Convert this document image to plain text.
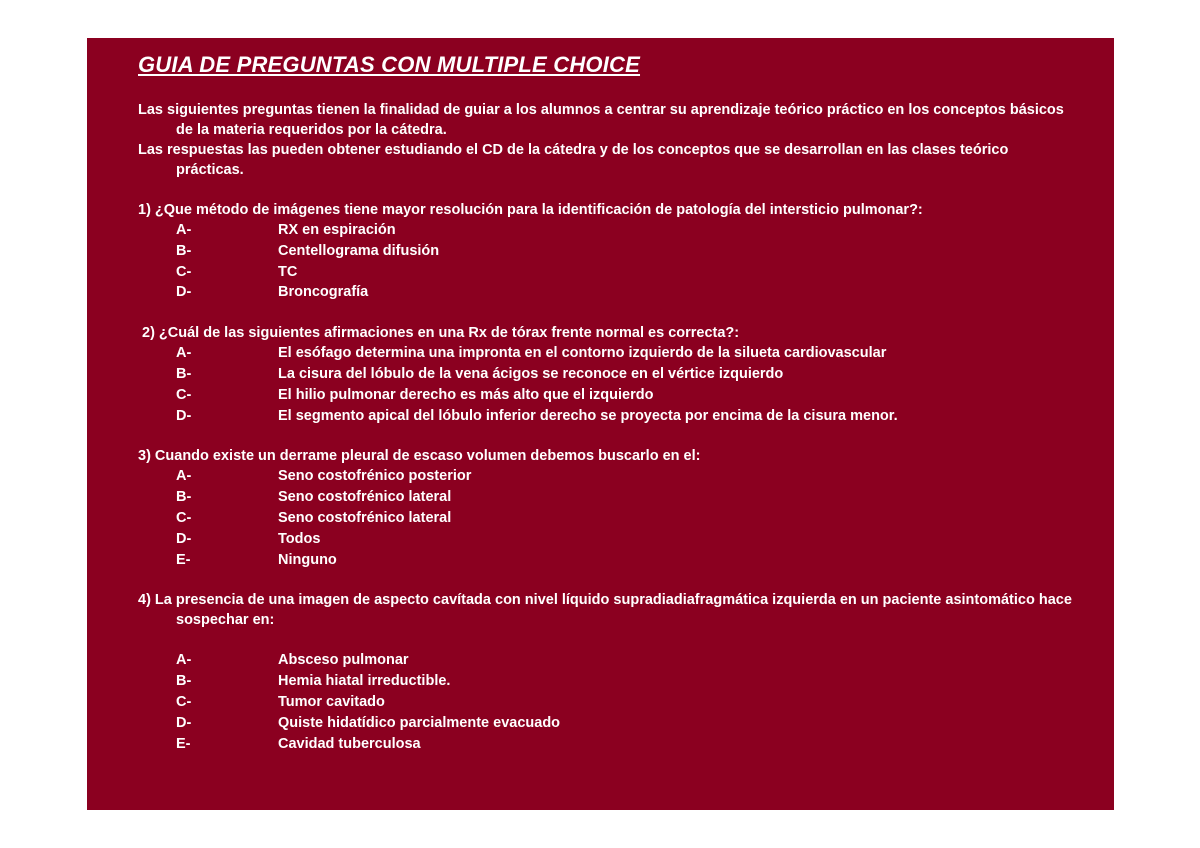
GUIA DE PREGUNTAS CON MULTIPLE CHOICE

Las siguientes preguntas tienen la finalidad de guiar a los alumnos a centrar su aprendizaje teórico práctico en los conceptos básicos de la materia requeridos por la cátedra.

Las respuestas las pueden obtener estudiando el CD de la cátedra y de los conceptos que se desarrollan en las clases teórico prácticas.

1) ¿Que método de imágenes tiene mayor resolución para la identificación de patología del intersticio pulmonar?:

A-	RX en espiración
B-	Centellograma difusión
C-	TC
D-	Broncografía

2) ¿Cuál de las siguientes afirmaciones en una Rx de tórax frente normal es correcta?:

A-	El esófago determina una impronta en el contorno izquierdo de la silueta cardiovascular
B-	La cisura del lóbulo de la vena ácigos se reconoce en el vértice izquierdo
C-	El hilio pulmonar derecho es más alto que el izquierdo
D-	El segmento apical del lóbulo inferior derecho se proyecta por encima de la cisura menor.

3) Cuando existe un derrame pleural de escaso volumen debemos buscarlo en el:

A-	Seno costofrénico posterior
B-	Seno costofrénico lateral
C-	Seno costofrénico lateral
D-	Todos
E-	Ninguno

4) La presencia de una imagen de aspecto cavítada con nivel líquido supradiadiafragmática izquierda en un paciente asintomático hace sospechar en:

A-	Absceso pulmonar
B-	Hemia hiatal irreductible.
C-	Tumor cavitado
D-	Quiste hidatídico parcialmente evacuado
E-	Cavidad tuberculosa
